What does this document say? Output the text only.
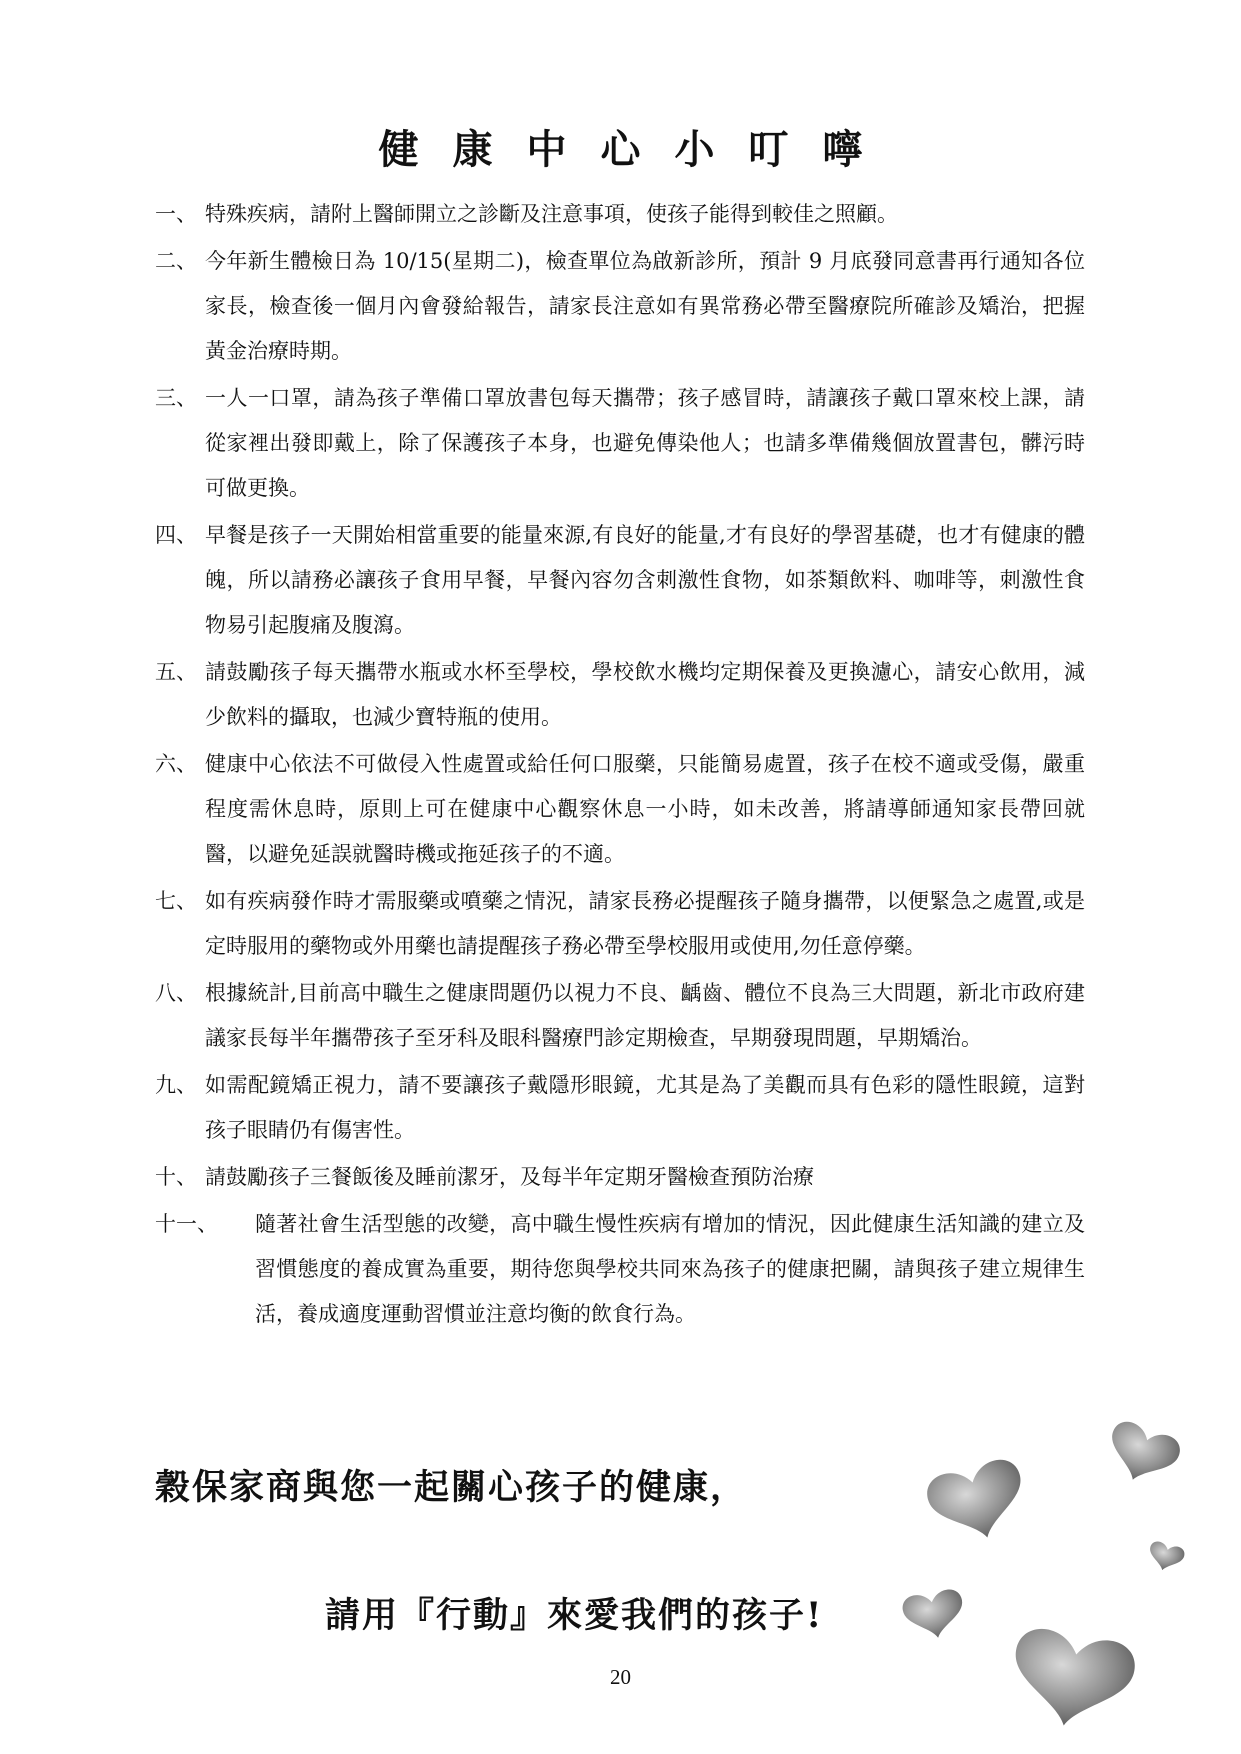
健康中心小叮嚀
一、 特殊疾病，請附上醫師開立之診斷及注意事項，使孩子能得到較佳之照顧。
二、 今年新生體檢日為 10/15(星期二)，檢查單位為啟新診所，預計 9 月底發同意書再行通知各位家長，檢查後一個月內會發給報告，請家長注意如有異常務必帶至醫療院所確診及矯治，把握黃金治療時期。
三、 一人一口罩，請為孩子準備口罩放書包每天攜帶；孩子感冒時，請讓孩子戴口罩來校上課，請從家裡出發即戴上，除了保護孩子本身，也避免傳染他人；也請多準備幾個放置書包，髒污時可做更換。
四、 早餐是孩子一天開始相當重要的能量來源,有良好的能量,才有良好的學習基礎，也才有健康的體魄，所以請務必讓孩子食用早餐，早餐內容勿含刺激性食物，如茶類飲料、咖啡等，刺激性食物易引起腹痛及腹瀉。
五、 請鼓勵孩子每天攜帶水瓶或水杯至學校，學校飲水機均定期保養及更換濾心，請安心飲用，減少飲料的攝取，也減少寶特瓶的使用。
六、 健康中心依法不可做侵入性處置或給任何口服藥，只能簡易處置，孩子在校不適或受傷，嚴重程度需休息時，原則上可在健康中心觀察休息一小時，如未改善，將請導師通知家長帶回就醫，以避免延誤就醫時機或拖延孩子的不適。
七、 如有疾病發作時才需服藥或噴藥之情況，請家長務必提醒孩子隨身攜帶，以便緊急之處置,或是定時服用的藥物或外用藥也請提醒孩子務必帶至學校服用或使用,勿任意停藥。
八、 根據統計,目前高中職生之健康問題仍以視力不良、齲齒、體位不良為三大問題，新北市政府建議家長每半年攜帶孩子至牙科及眼科醫療門診定期檢查，早期發現問題，早期矯治。
九、 如需配鏡矯正視力，請不要讓孩子戴隱形眼鏡，尤其是為了美觀而具有色彩的隱性眼鏡，這對孩子眼睛仍有傷害性。
十、 請鼓勵孩子三餐飯後及睡前潔牙，及每半年定期牙醫檢查預防治療
十一、	隨著社會生活型態的改變，高中職生慢性疾病有增加的情況，因此健康生活知識的建立及習慣態度的養成實為重要，期待您與學校共同來為孩子的健康把關，請與孩子建立規律生活，養成適度運動習慣並注意均衡的飲食行為。
穀保家商與您一起關心孩子的健康，
請用『行動』來愛我們的孩子!
20
